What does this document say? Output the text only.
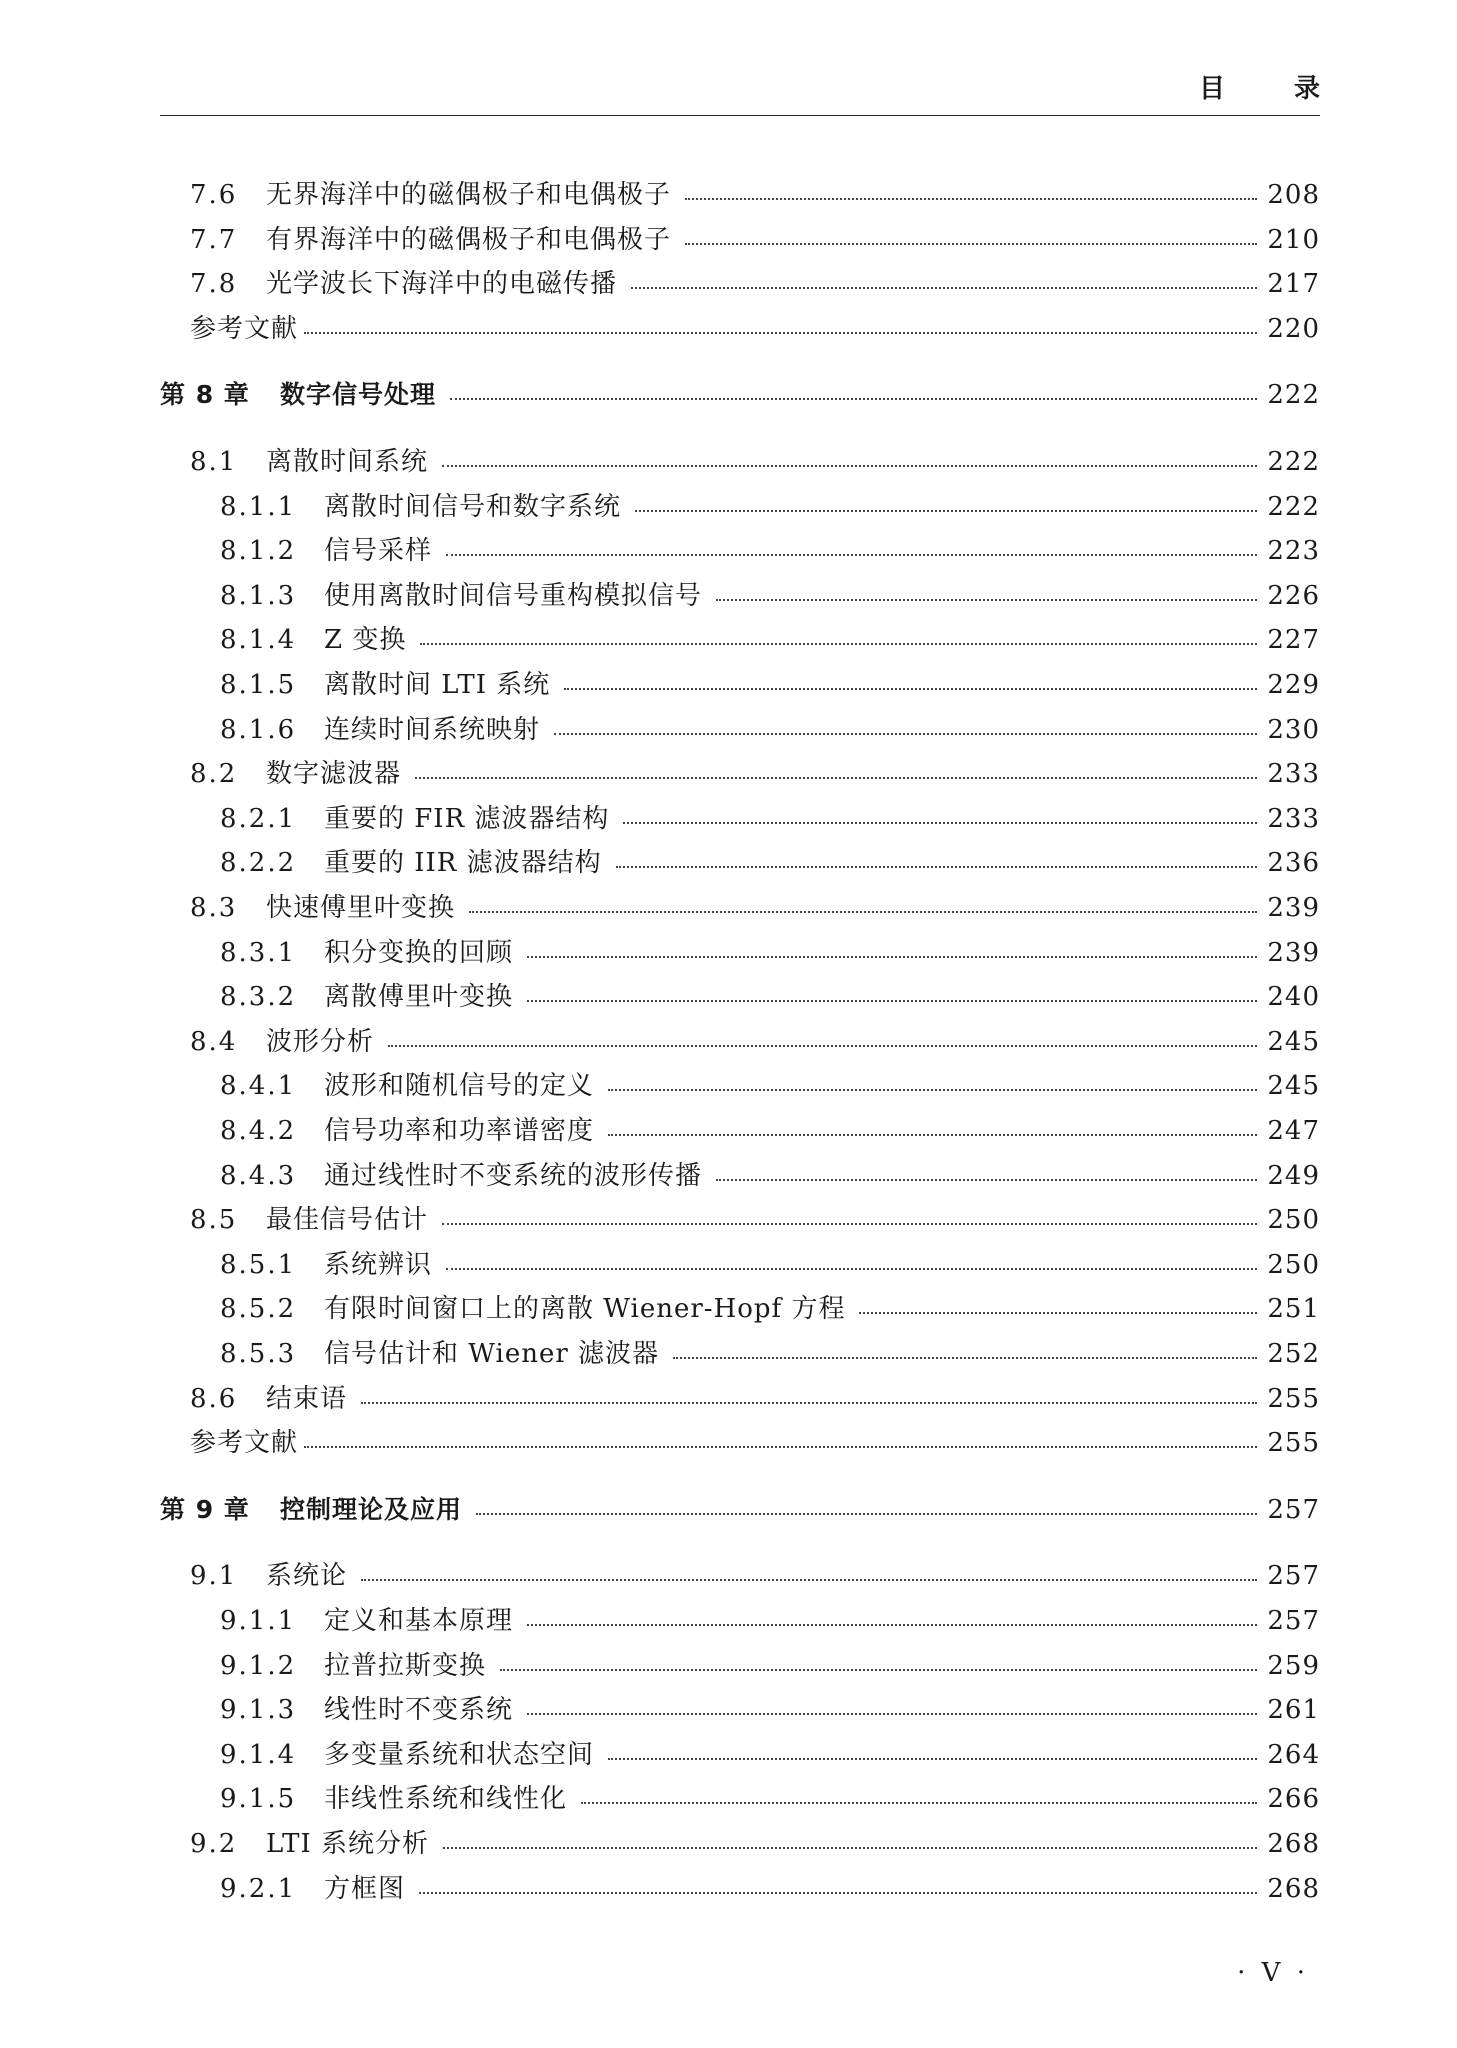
目 录
7.6	无界海洋中的磁偶极子和电偶极子	208
7.7	有界海洋中的磁偶极子和电偶极子	210
7.8	光学波长下海洋中的电磁传播	217
参考文献	220
第 8 章	数字信号处理	222
8.1	离散时间系统	222
8.1.1	离散时间信号和数字系统	222
8.1.2	信号采样	223
8.1.3	使用离散时间信号重构模拟信号	226
8.1.4	Z 变换	227
8.1.5	离散时间 LTI 系统	229
8.1.6	连续时间系统映射	230
8.2	数字滤波器	233
8.2.1	重要的 FIR 滤波器结构	233
8.2.2	重要的 IIR 滤波器结构	236
8.3	快速傅里叶变换	239
8.3.1	积分变换的回顾	239
8.3.2	离散傅里叶变换	240
8.4	波形分析	245
8.4.1	波形和随机信号的定义	245
8.4.2	信号功率和功率谱密度	247
8.4.3	通过线性时不变系统的波形传播	249
8.5	最佳信号估计	250
8.5.1	系统辨识	250
8.5.2	有限时间窗口上的离散 Wiener-Hopf 方程	251
8.5.3	信号估计和 Wiener 滤波器	252
8.6	结束语	255
参考文献	255
第 9 章	控制理论及应用	257
9.1	系统论	257
9.1.1	定义和基本原理	257
9.1.2	拉普拉斯变换	259
9.1.3	线性时不变系统	261
9.1.4	多变量系统和状态空间	264
9.1.5	非线性系统和线性化	266
9.2	LTI 系统分析	268
9.2.1	方框图	268
· V ·
